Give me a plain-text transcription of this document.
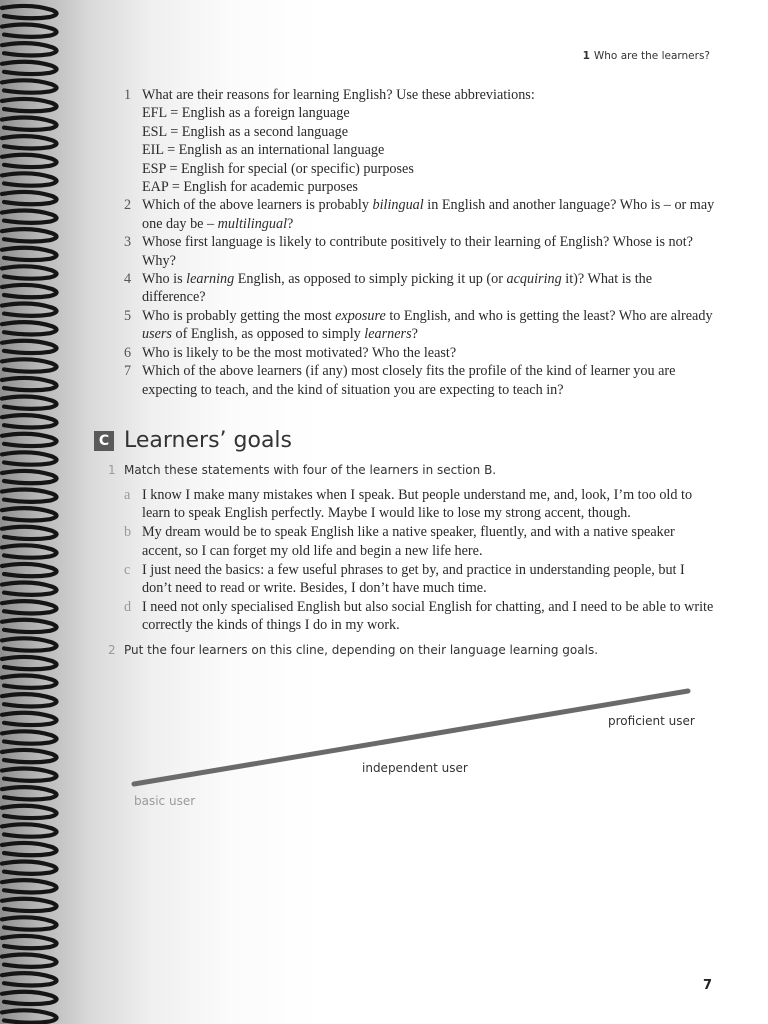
1 Who are the learners?
1 What are their reasons for learning English? Use these abbreviations:
EFL = English as a foreign language
ESL = English as a second language
EIL = English as an international language
ESP = English for special (or specific) purposes
EAP = English for academic purposes
2 Which of the above learners is probably bilingual in English and another language? Who is – or may one day be – multilingual?
3 Whose first language is likely to contribute positively to their learning of English? Whose is not? Why?
4 Who is learning English, as opposed to simply picking it up (or acquiring it)? What is the difference?
5 Who is probably getting the most exposure to English, and who is getting the least? Who are already users of English, as opposed to simply learners?
6 Who is likely to be the most motivated? Who the least?
7 Which of the above learners (if any) most closely fits the profile of the kind of learner you are expecting to teach, and the kind of situation you are expecting to teach in?
C Learners’ goals
1 Match these statements with four of the learners in section B.
a I know I make many mistakes when I speak. But people understand me, and, look, I’m too old to learn to speak English perfectly. Maybe I would like to lose my strong accent, though.
b My dream would be to speak English like a native speaker, fluently, and with a native speaker accent, so I can forget my old life and begin a new life here.
c I just need the basics: a few useful phrases to get by, and practice in understanding people, but I don’t need to read or write. Besides, I don’t have much time.
d I need not only specialised English but also social English for chatting, and I need to be able to write correctly the kinds of things I do in my work.
2 Put the four learners on this cline, depending on their language learning goals.
proficient user
independent user
basic user
7
